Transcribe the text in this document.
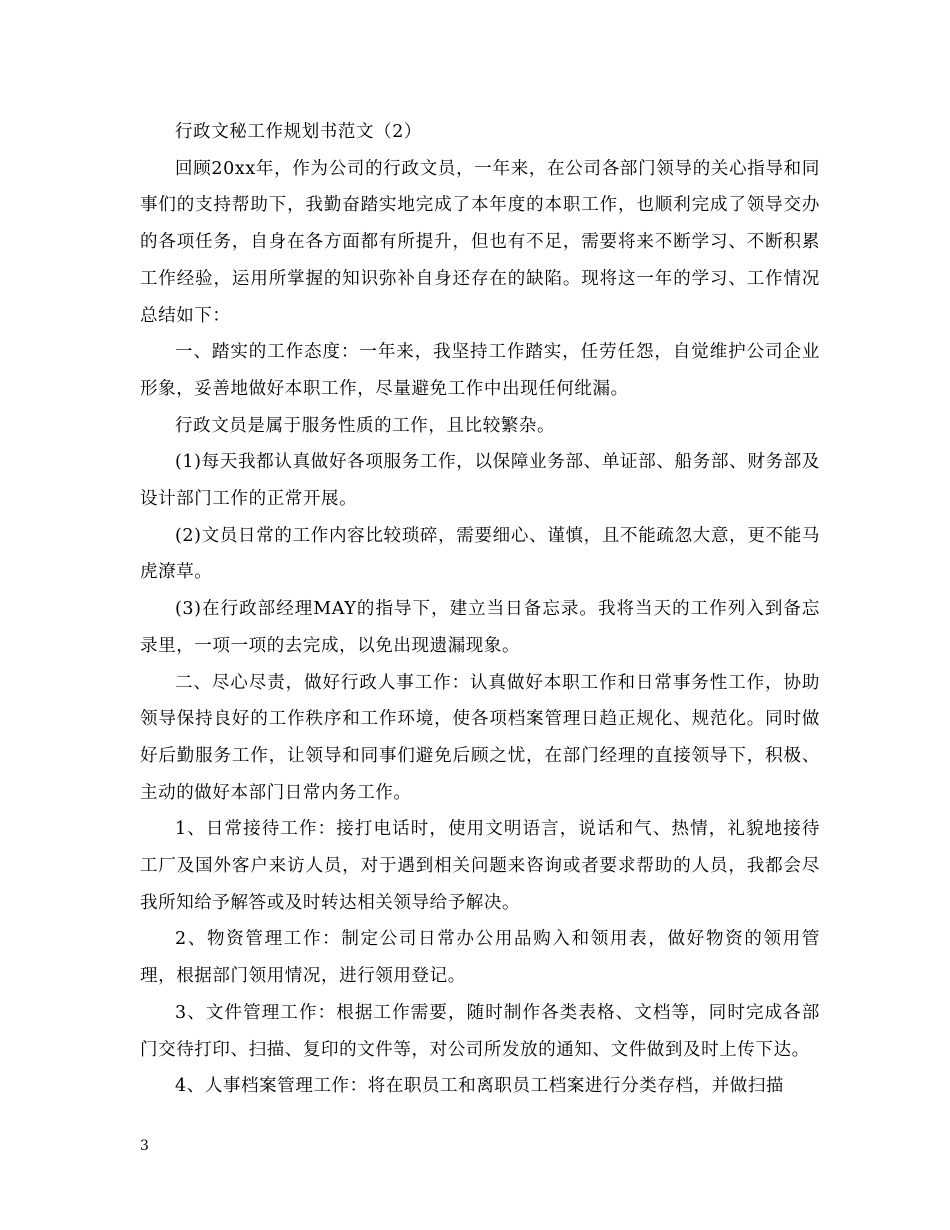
行政文秘工作规划书范文（2）

回顾20xx年，作为公司的行政文员，一年来，在公司各部门领导的关心指导和同事们的支持帮助下，我勤奋踏实地完成了本年度的本职工作，也顺利完成了领导交办的各项任务，自身在各方面都有所提升，但也有不足，需要将来不断学习、不断积累工作经验，运用所掌握的知识弥补自身还存在的缺陷。现将这一年的学习、工作情况总结如下：

一、踏实的工作态度：一年来，我坚持工作踏实，任劳任怨，自觉维护公司企业形象，妥善地做好本职工作，尽量避免工作中出现任何纰漏。

行政文员是属于服务性质的工作，且比较繁杂。

(1)每天我都认真做好各项服务工作，以保障业务部、单证部、船务部、财务部及设计部门工作的正常开展。

(2)文员日常的工作内容比较琐碎，需要细心、谨慎，且不能疏忽大意，更不能马虎潦草。

(3)在行政部经理MAY的指导下，建立当日备忘录。我将当天的工作列入到备忘录里，一项一项的去完成，以免出现遗漏现象。

二、尽心尽责，做好行政人事工作：认真做好本职工作和日常事务性工作，协助领导保持良好的工作秩序和工作环境，使各项档案管理日趋正规化、规范化。同时做好后勤服务工作，让领导和同事们避免后顾之忧，在部门经理的直接领导下，积极、主动的做好本部门日常内务工作。

1、日常接待工作：接打电话时，使用文明语言，说话和气、热情，礼貌地接待工厂及国外客户来访人员，对于遇到相关问题来咨询或者要求帮助的人员，我都会尽我所知给予解答或及时转达相关领导给予解决。

2、物资管理工作：制定公司日常办公用品购入和领用表，做好物资的领用管理，根据部门领用情况，进行领用登记。

3、文件管理工作：根据工作需要，随时制作各类表格、文档等，同时完成各部门交待打印、扫描、复印的文件等，对公司所发放的通知、文件做到及时上传下达。

4、人事档案管理工作：将在职员工和离职员工档案进行分类存档，并做扫描

3
